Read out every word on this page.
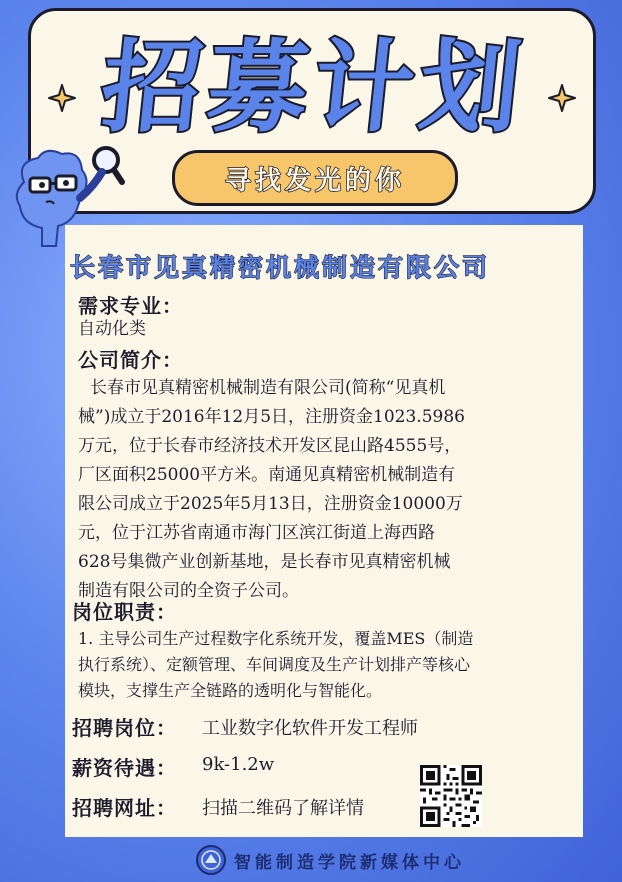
招募计划
寻找发光的你
长春市见真精密机械制造有限公司
需求专业：
自动化类
公司简介：
长春市见真精密机械制造有限公司(简称“见真机
械”)成立于2016年12月5日，注册资金1023.5986
万元，位于长春市经济技术开发区昆山路4555号，
厂区面积25000平方米。南通见真精密机械制造有
限公司成立于2025年5月13日，注册资金10000万
元，位于江苏省南通市海门区滨江街道上海西路
628号集微产业创新基地，是长春市见真精密机械
制造有限公司的全资子公司。
岗位职责：
1. 主导公司生产过程数字化系统开发，覆盖MES（制造
执行系统）、定额管理、车间调度及生产计划排产等核心
模块，支撑生产全链路的透明化与智能化。
招聘岗位： 工业数字化软件开发工程师
薪资待遇： 9k-1.2w
招聘网址： 扫描二维码了解详情
智能制造学院新媒体中心
